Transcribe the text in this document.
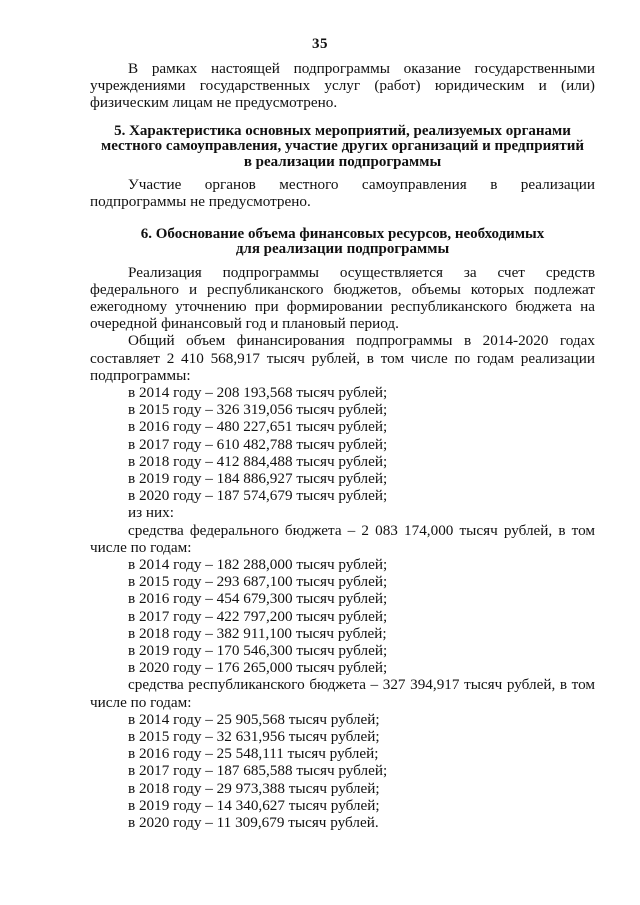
35

В рамках настоящей подпрограммы оказание государственными учреждениями государственных услуг (работ) юридическим и (или) физическим лицам не предусмотрено.

5. Характеристика основных мероприятий, реализуемых органами
местного самоуправления, участие других организаций и предприятий
в реализации подпрограммы

Участие органов местного самоуправления в реализации подпрограммы не предусмотрено.

6. Обоснование объема финансовых ресурсов, необходимых
для реализации подпрограммы

Реализация подпрограммы осуществляется за счет средств федерального и республиканского бюджетов, объемы которых подлежат ежегодному уточнению при формировании республиканского бюджета на очередной финансовый год и плановый период.

Общий объем финансирования подпрограммы в 2014-2020 годах составляет 2 410 568,917 тысяч рублей, в том числе по годам реализации подпрограммы:

в 2014 году – 208 193,568 тысяч рублей;

в 2015 году – 326 319,056 тысяч рублей;

в 2016 году – 480 227,651 тысяч рублей;

в 2017 году – 610 482,788 тысяч рублей;

в 2018 году – 412 884,488 тысяч рублей;

в 2019 году – 184 886,927 тысяч рублей;

в 2020 году – 187 574,679 тысяч рублей;

из них:

средства федерального бюджета – 2 083 174,000 тысяч рублей, в том числе по годам:

в 2014 году – 182 288,000 тысяч рублей;

в 2015 году – 293 687,100 тысяч рублей;

в 2016 году – 454 679,300 тысяч рублей;

в 2017 году – 422 797,200 тысяч рублей;

в 2018 году – 382 911,100 тысяч рублей;

в 2019 году – 170 546,300 тысяч рублей;

в 2020 году – 176 265,000 тысяч рублей;

средства республиканского бюджета – 327 394,917 тысяч рублей, в том числе по годам:

в 2014 году – 25 905,568 тысяч рублей;

в 2015 году – 32 631,956 тысяч рублей;

в 2016 году – 25 548,111 тысяч рублей;

в 2017 году – 187 685,588 тысяч рублей;

в 2018 году – 29 973,388 тысяч рублей;

в 2019 году – 14 340,627 тысяч рублей;

в 2020 году – 11 309,679 тысяч рублей.
